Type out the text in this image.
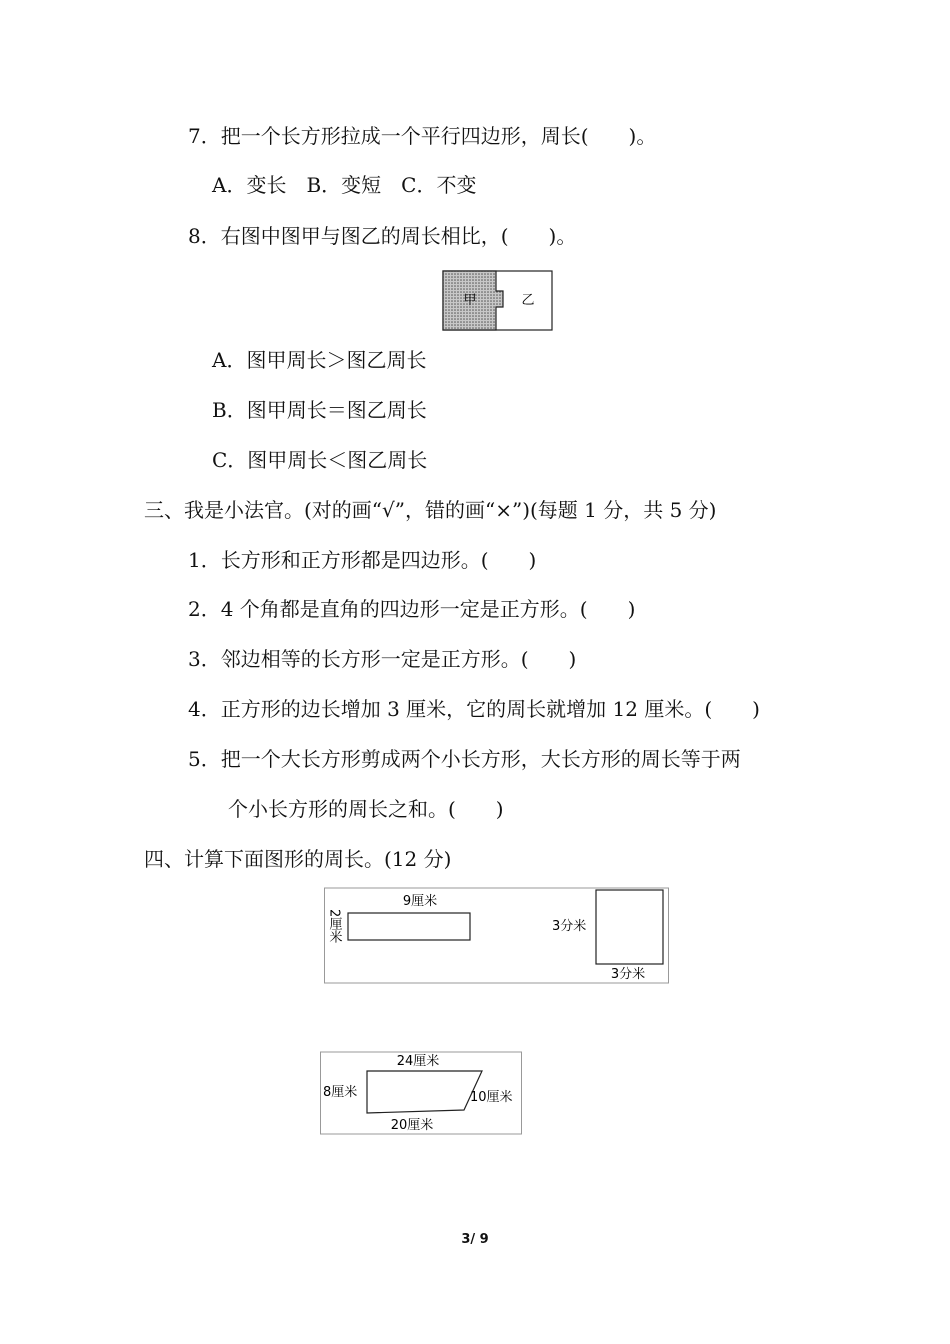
7．把一个长方形拉成一个平行四边形，周长(　　)。
A．变长　B．变短　C．不变
8．右图中图甲与图乙的周长相比，(　　)。
甲	乙
A．图甲周长＞图乙周长
B．图甲周长＝图乙周长
C．图甲周长＜图乙周长
三、我是小法官。(对的画“√”，错的画“×”)(每题 1 分，共 5 分)
1．长方形和正方形都是四边形。(　　)
2．4 个角都是直角的四边形一定是正方形。(　　)
3．邻边相等的长方形一定是正方形。(　　)
4．正方形的边长增加 3 厘米，它的周长就增加 12 厘米。(　　)
5．把一个大长方形剪成两个小长方形，大长方形的周长等于两
个小长方形的周长之和。(　　)
四、计算下面图形的周长。(12 分)
9厘米
2厘米	3分米
3分米
24厘米
8厘米	10厘米
20厘米
3/ 9
